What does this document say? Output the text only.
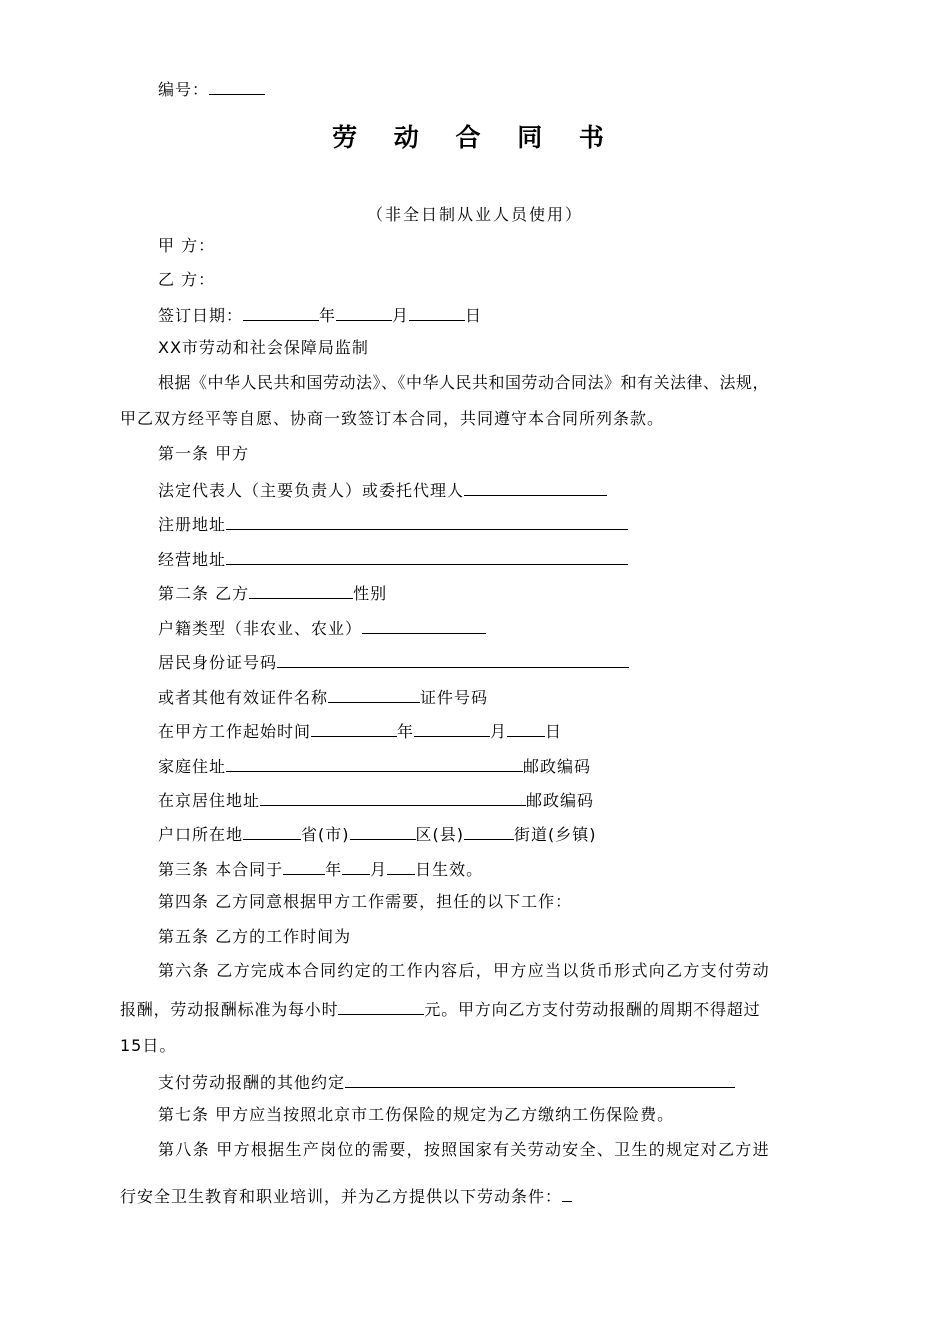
编号：
劳 动 合 同 书
（非全日制从业人员使用）
甲 方：
乙 方：
签订日期：	年	月	日
XX市劳动和社会保障局监制
根据《中华人民共和国劳动法》、《中华人民共和国劳动合同法》和有关法律、法规，
甲乙双方经平等自愿、协商一致签订本合同，共同遵守本合同所列条款。
第一条 甲方
法定代表人（主要负责人）或委托代理人
注册地址
经营地址
第二条 乙方	性别
户籍类型（非农业、农业）
居民身份证号码
或者其他有效证件名称	证件号码
在甲方工作起始时间	年	月 日
家庭住址	邮政编码
在京居住地址	邮政编码
户口所在地	省(市)	区(县)	街道(乡镇)
第三条 本合同于	年 月 日生效。
第四条 乙方同意根据甲方工作需要，担任的以下工作：
第五条 乙方的工作时间为
第六条 乙方完成本合同约定的工作内容后，甲方应当以货币形式向乙方支付劳动
报酬，劳动报酬标准为每小时	元。甲方向乙方支付劳动报酬的周期不得超过
15日。
支付劳动报酬的其他约定
第七条 甲方应当按照北京市工伤保险的规定为乙方缴纳工伤保险费。
第八条 甲方根据生产岗位的需要，按照国家有关劳动安全、卫生的规定对乙方进
行安全卫生教育和职业培训，并为乙方提供以下劳动条件：
